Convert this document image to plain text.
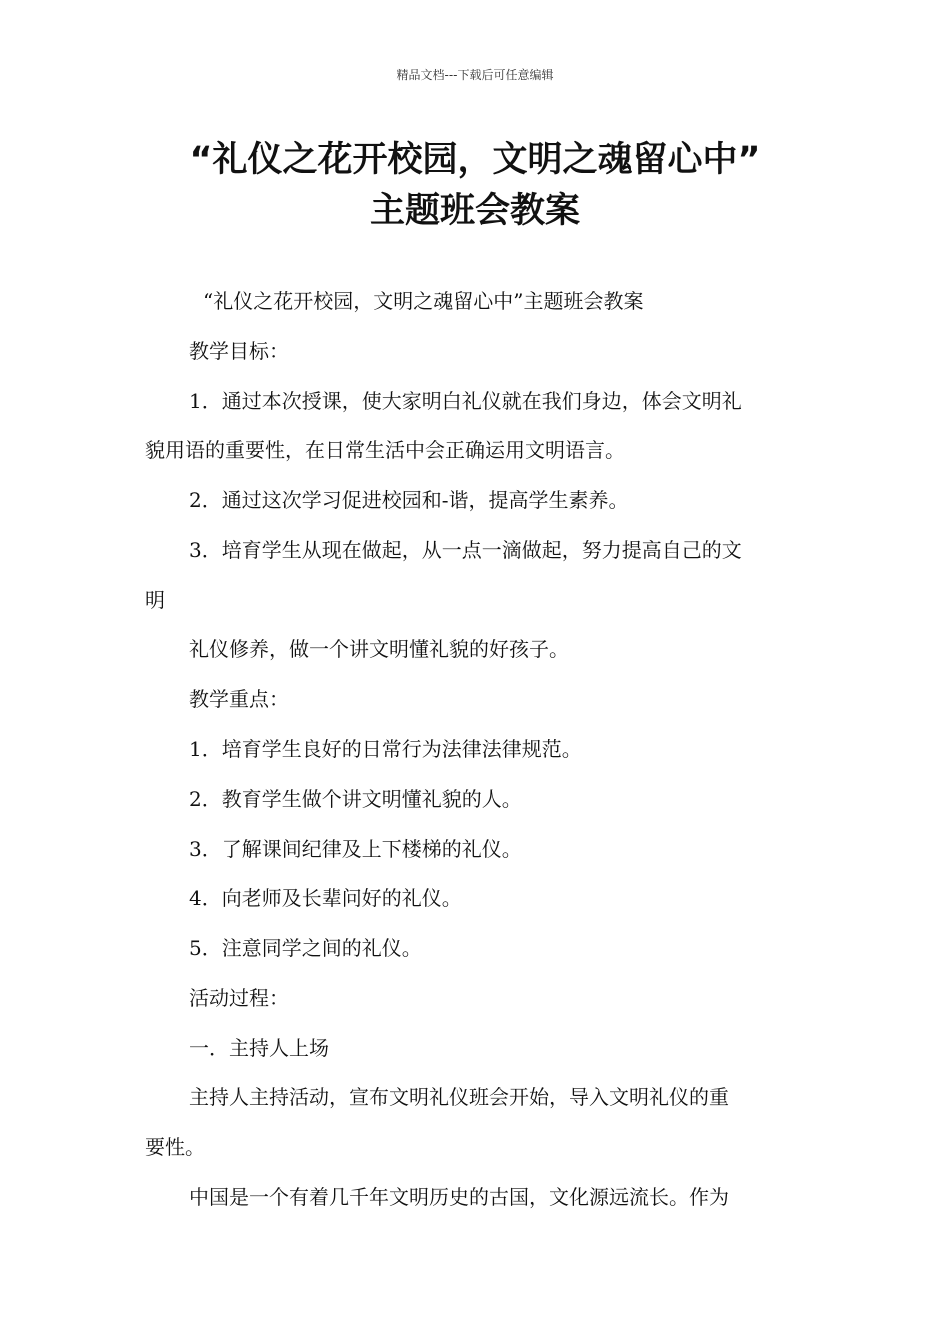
精品文档---下载后可任意编辑
“礼仪之花开校园，文明之魂留心中”
主题班会教案
“礼仪之花开校园，文明之魂留心中”主题班会教案
教学目标：
1．通过本次授课，使大家明白礼仪就在我们身边，体会文明礼
貌用语的重要性，在日常生活中会正确运用文明语言。
2．通过这次学习促进校园和-谐，提高学生素养。
3．培育学生从现在做起，从一点一滴做起，努力提高自己的文
明
礼仪修养，做一个讲文明懂礼貌的好孩子。
教学重点：
1．培育学生良好的日常行为法律法律规范。
2．教育学生做个讲文明懂礼貌的人。
3．了解课间纪律及上下楼梯的礼仪。
4．向老师及长辈问好的礼仪。
5．注意同学之间的礼仪。
活动过程：
一．主持人上场
主持人主持活动，宣布文明礼仪班会开始，导入文明礼仪的重
要性。
中国是一个有着几千年文明历史的古国，文化源远流长。作为
